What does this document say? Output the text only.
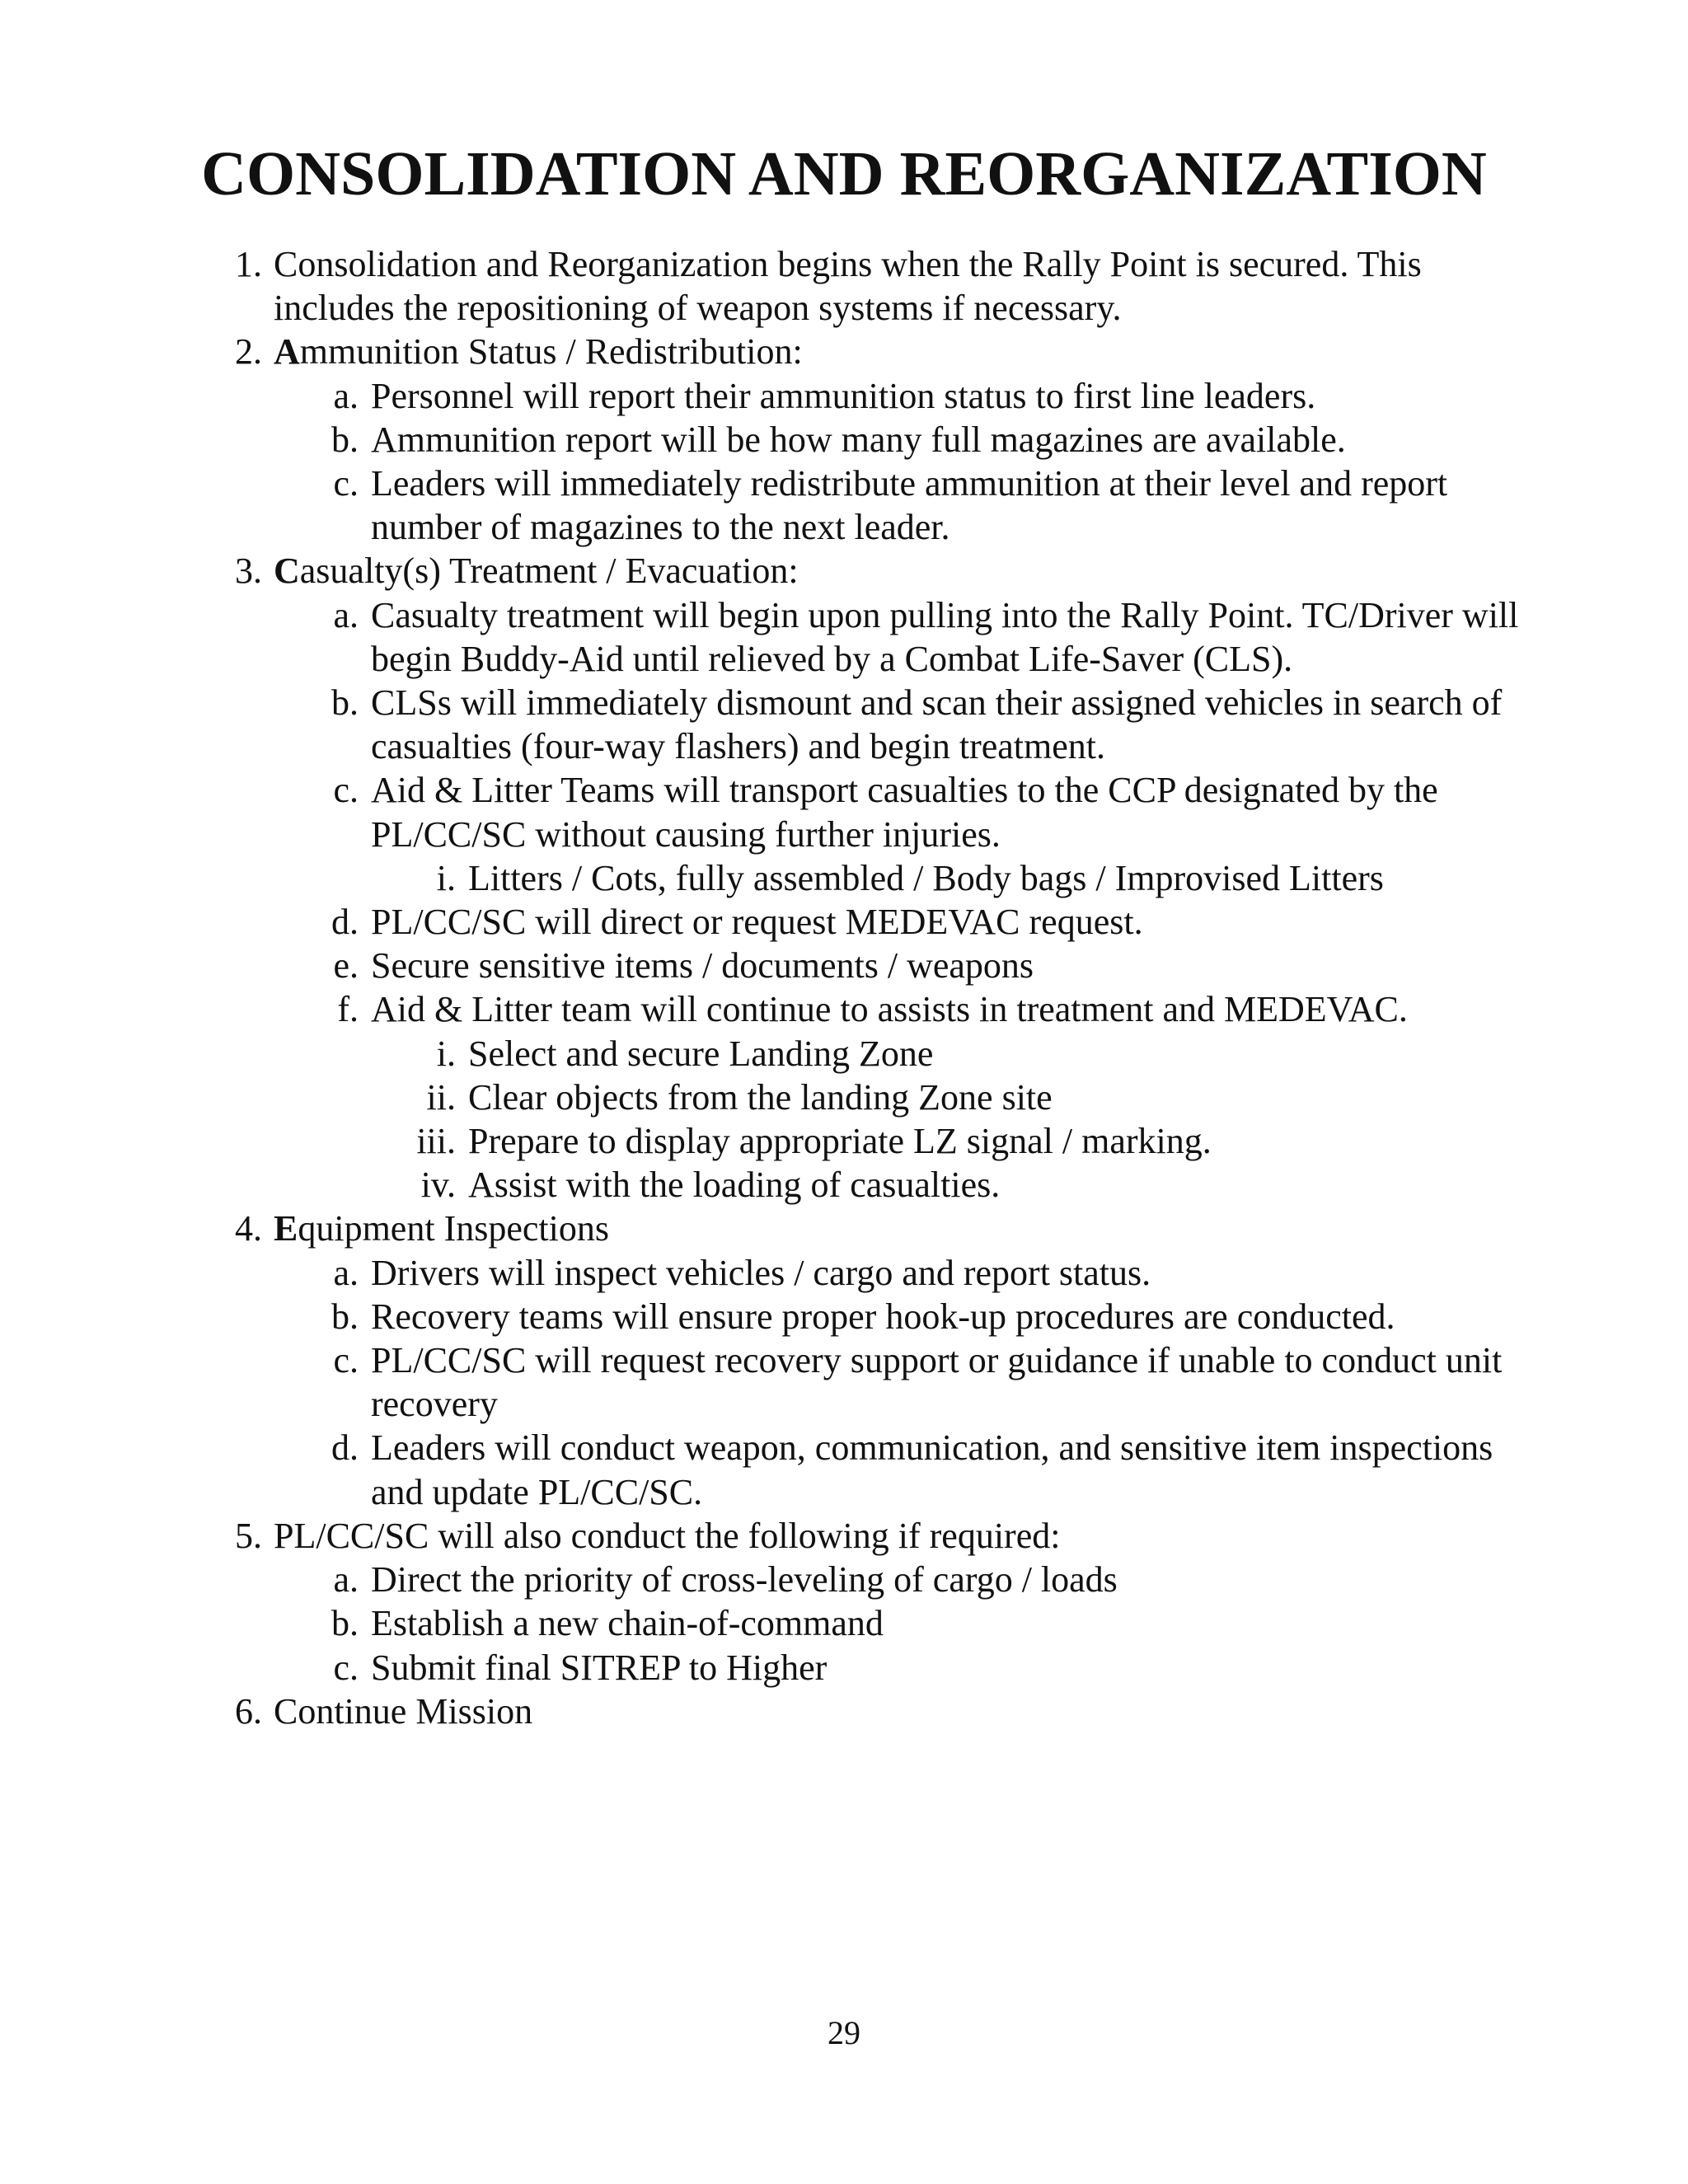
CONSOLIDATION AND REORGANIZATION
1. Consolidation and Reorganization begins when the Rally Point is secured. This includes the repositioning of weapon systems if necessary.
2. Ammunition Status / Redistribution:
a. Personnel will report their ammunition status to first line leaders.
b. Ammunition report will be how many full magazines are available.
c. Leaders will immediately redistribute ammunition at their level and report number of magazines to the next leader.
3. Casualty(s) Treatment / Evacuation:
a. Casualty treatment will begin upon pulling into the Rally Point. TC/Driver will begin Buddy-Aid until relieved by a Combat Life-Saver (CLS).
b. CLSs will immediately dismount and scan their assigned vehicles in search of casualties (four-way flashers) and begin treatment.
c. Aid & Litter Teams will transport casualties to the CCP designated by the PL/CC/SC without causing further injuries.
i. Litters / Cots, fully assembled / Body bags / Improvised Litters
d. PL/CC/SC will direct or request MEDEVAC request.
e. Secure sensitive items / documents / weapons
f. Aid & Litter team will continue to assists in treatment and MEDEVAC.
i. Select and secure Landing Zone
ii. Clear objects from the landing Zone site
iii. Prepare to display appropriate LZ signal / marking.
iv. Assist with the loading of casualties.
4. Equipment Inspections
a. Drivers will inspect vehicles / cargo and report status.
b. Recovery teams will ensure proper hook-up procedures are conducted.
c. PL/CC/SC will request recovery support or guidance if unable to conduct unit recovery
d. Leaders will conduct weapon, communication, and sensitive item inspections and update PL/CC/SC.
5. PL/CC/SC will also conduct the following if required:
a. Direct the priority of cross-leveling of cargo / loads
b. Establish a new chain-of-command
c. Submit final SITREP to Higher
6. Continue Mission
29
